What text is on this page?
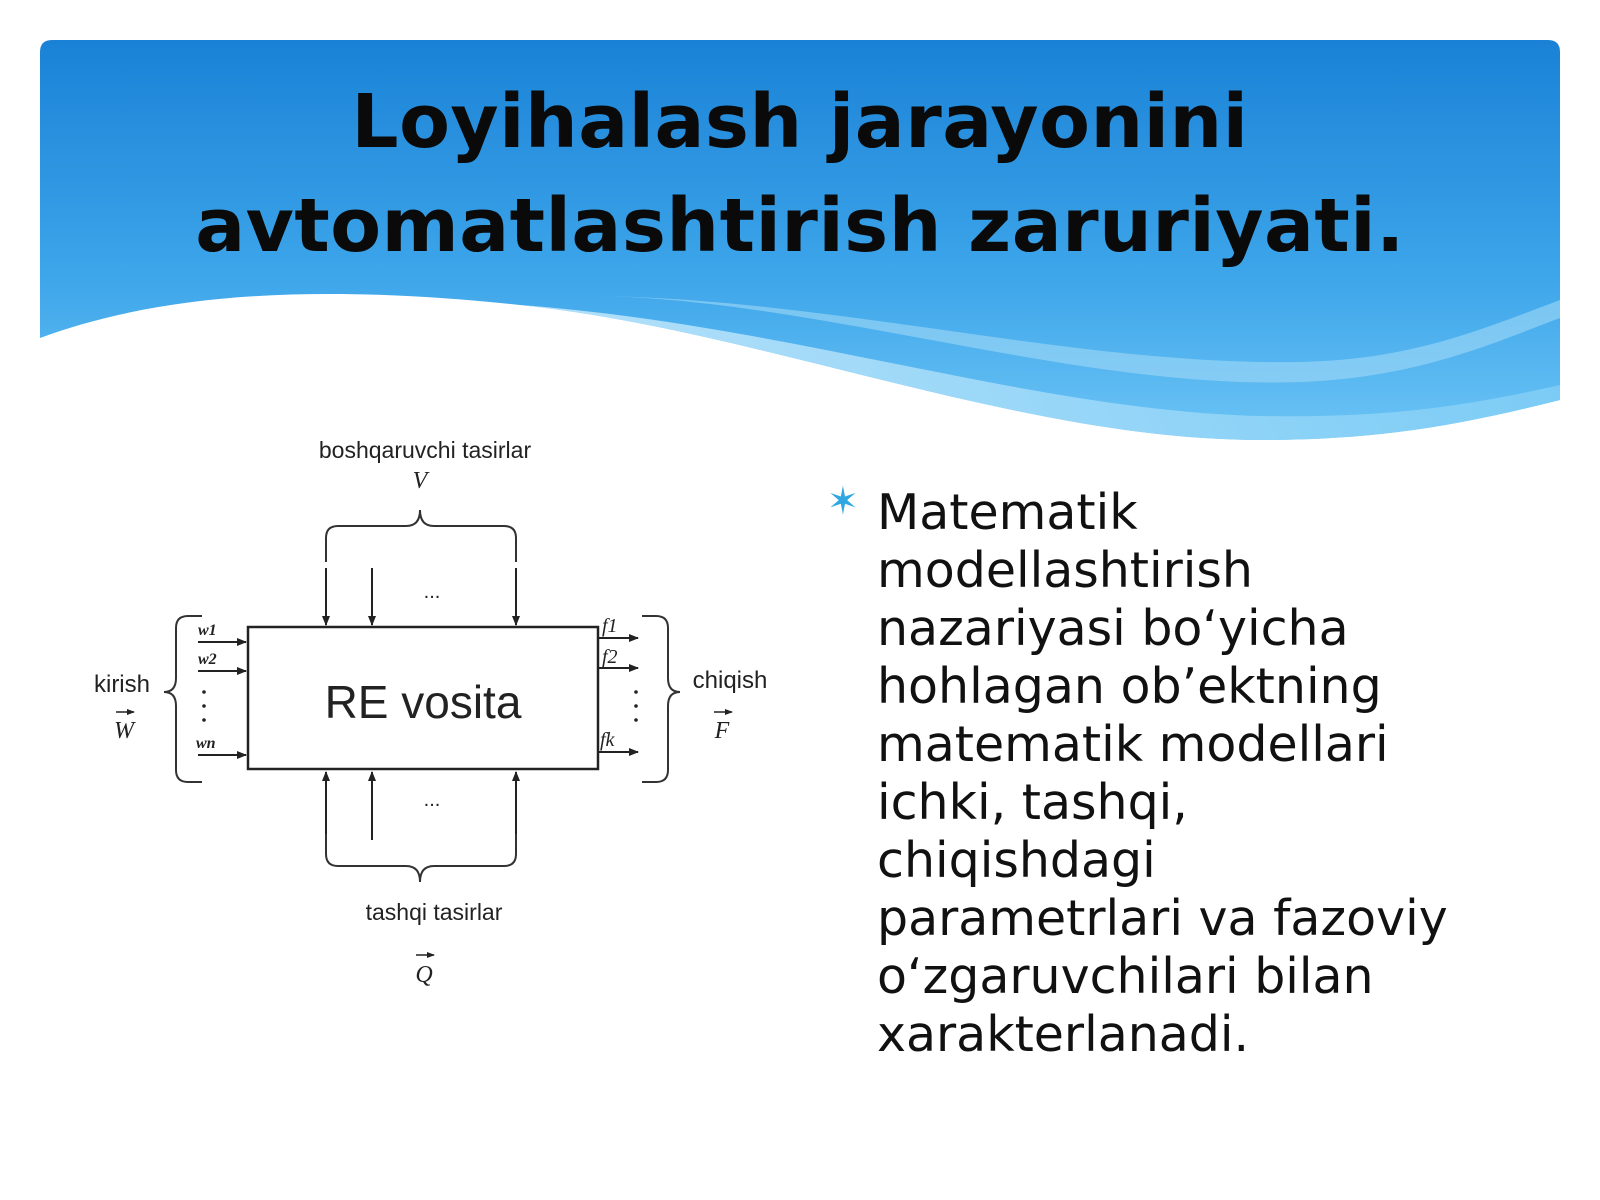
Loyihalash jarayonini
avtomatlashtirish zaruriyati.
boshqaruvchi tasirlar
V
...
RE vosita
kirish
W
w1
w2
wn
f1
f2
fk
chiqish
F
...
tashqi tasirlar
Q
✶ Matematik
modellashtirish
nazariyasi bo‘yicha
hohlagan ob’ektning
matematik modellari
ichki, tashqi,
chiqishdagi
parametrlari va fazoviy
o‘zgaruvchilari bilan
xarakterlanadi.
